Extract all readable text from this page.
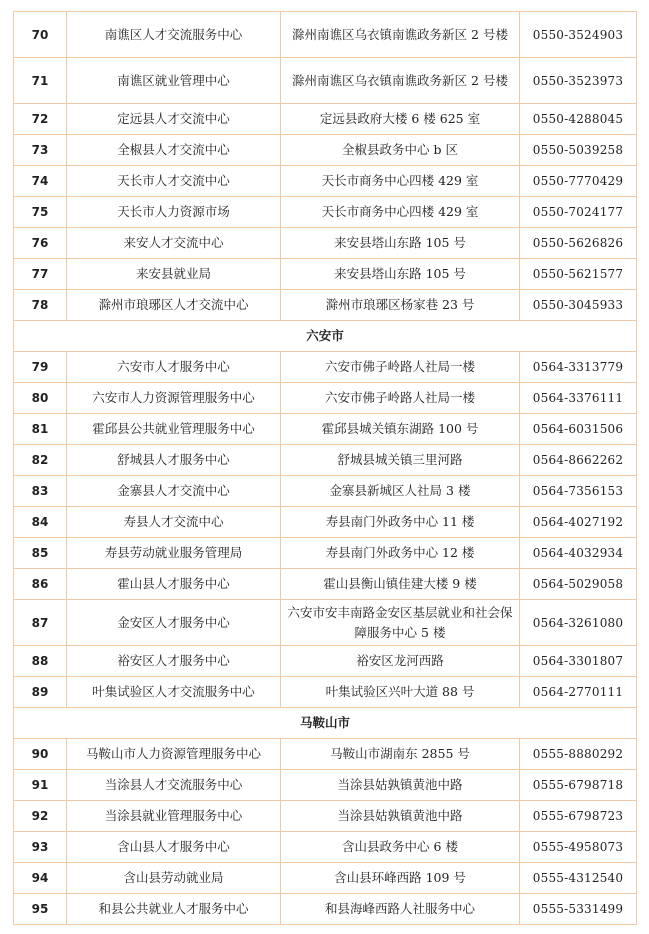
70	南谯区人才交流服务中心	滁州南谯区乌衣镇南谯政务新区 2 号楼	0550-3524903
71	南谯区就业管理中心	滁州南谯区乌衣镇南谯政务新区 2 号楼	0550-3523973
72	定远县人才交流中心	定远县政府大楼 6 楼 625 室	0550-4288045
73	全椒县人才交流中心	全椒县政务中心 b 区	0550-5039258
74	天长市人才交流中心	天长市商务中心四楼 429 室	0550-7770429
75	天长市人力资源市场	天长市商务中心四楼 429 室	0550-7024177
76	来安人才交流中心	来安县塔山东路 105 号	0550-5626826
77	来安县就业局	来安县塔山东路 105 号	0550-5621577
78	滁州市琅琊区人才交流中心	滁州市琅琊区杨家巷 23 号	0550-3045933
六安市			
79	六安市人才服务中心	六安市佛子岭路人社局一楼	0564-3313779
80	六安市人力资源管理服务中心	六安市佛子岭路人社局一楼	0564-3376111
81	霍邱县公共就业管理服务中心	霍邱县城关镇东湖路 100 号	0564-6031506
82	舒城县人才服务中心	舒城县城关镇三里河路	0564-8662262
83	金寨县人才交流中心	金寨县新城区人社局 3 楼	0564-7356153
84	寿县人才交流中心	寿县南门外政务中心 11 楼	0564-4027192
85	寿县劳动就业服务管理局	寿县南门外政务中心 12 楼	0564-4032934
86	霍山县人才服务中心	霍山县衡山镇佳建大楼 9 楼	0564-5029058
87	金安区人才服务中心	六安市安丰南路金安区基层就业和社会保障服务中心 5 楼	0564-3261080
88	裕安区人才服务中心	裕安区龙河西路	0564-3301807
89	叶集试验区人才交流服务中心	叶集试验区兴叶大道 88 号	0564-2770111
马鞍山市			
90	马鞍山市人力资源管理服务中心	马鞍山市湖南东 2855 号	0555-8880292
91	当涂县人才交流服务中心	当涂县姑孰镇黄池中路	0555-6798718
92	当涂县就业管理服务中心	当涂县姑孰镇黄池中路	0555-6798723
93	含山县人才服务中心	含山县政务中心 6 楼	0555-4958073
94	含山县劳动就业局	含山县环峰西路 109 号	0555-4312540
95	和县公共就业人才服务中心	和县海峰西路人社服务中心	0555-5331499
